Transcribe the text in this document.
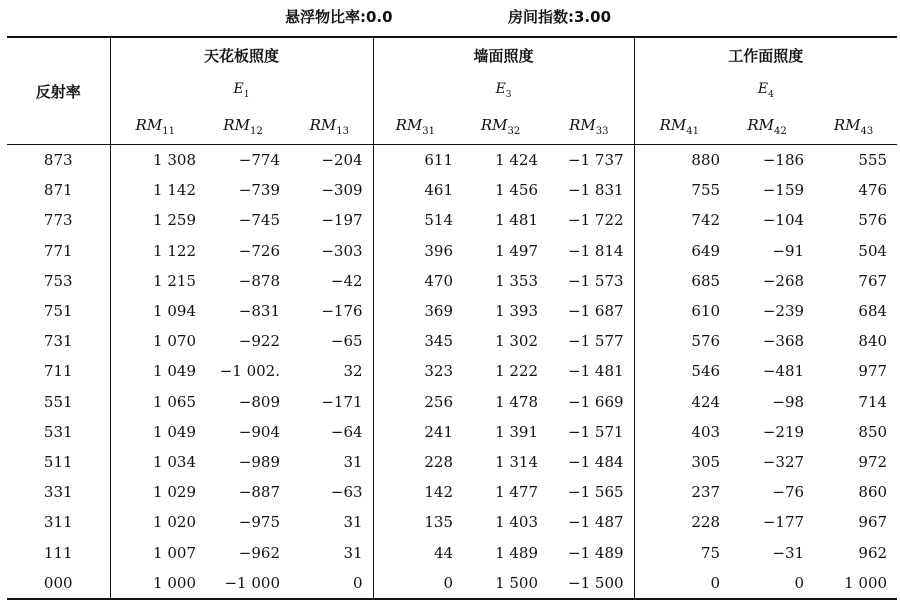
悬浮物比率:0.0	房间指数:3.00
反射率	天花板照度			墙面照度			工作面照度		
	$E_1$			$E_3$			$E_4$
	$RM_{11}$	$RM_{12}$	$RM_{13}$	$RM_{31}$	$RM_{32}$	$RM_{33}$	$RM_{41}$	$RM_{42}$	$RM_{43}$
873	1 308	−774	−204	611	1 424	−1 737	880	−186	555
871	1 142	−739	−309	461	1 456	−1 831	755	−159	476
773	1 259	−745	−197	514	1 481	−1 722	742	−104	576
771	1 122	−726	−303	396	1 497	−1 814	649	−91	504
753	1 215	−878	−42	470	1 353	−1 573	685	−268	767
751	1 094	−831	−176	369	1 393	−1 687	610	−239	684
731	1 070	−922	−65	345	1 302	−1 577	576	−368	840
711	1 049	−1 002.	32	323	1 222	−1 481	546	−481	977
551	1 065	−809	−171	256	1 478	−1 669	424	−98	714
531	1 049	−904	−64	241	1 391	−1 571	403	−219	850
511	1 034	−989	31	228	1 314	−1 484	305	−327	972
331	1 029	−887	−63	142	1 477	−1 565	237	−76	860
311	1 020	−975	31	135	1 403	−1 487	228	−177	967
111	1 007	−962	31	44	1 489	−1 489	75	−31	962
000	1 000	−1 000	0	0	1 500	−1 500	0	0	1 000
